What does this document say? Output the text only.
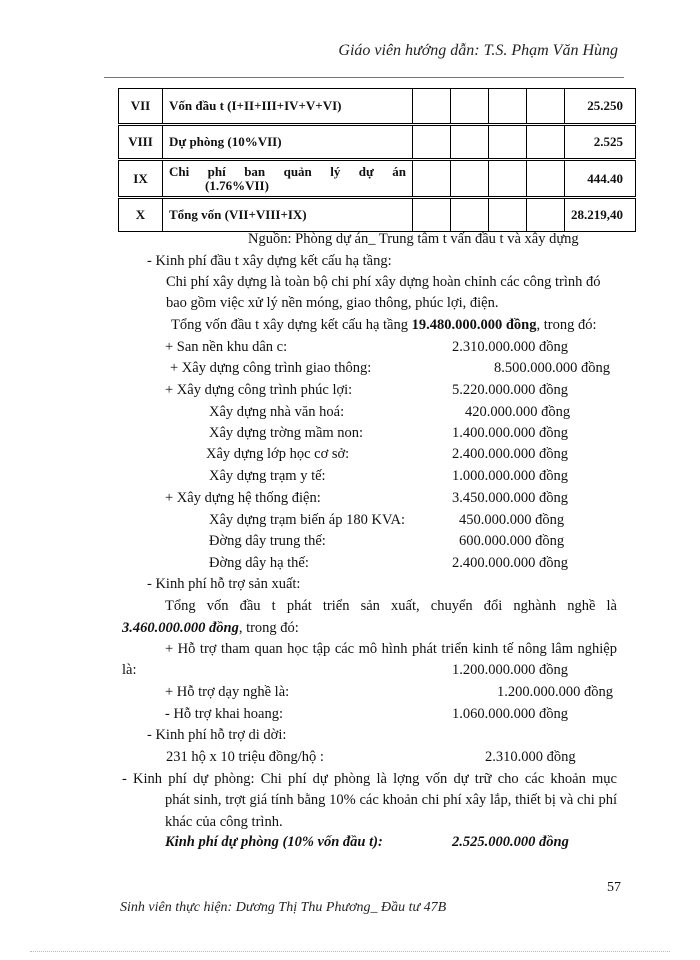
Giáo viên hướng dẫn: T.S. Phạm Văn Hùng
VII	Vốn đầu t (I+II+III+IV+V+VI)					25.250
VIII	Dự phòng (10%VII)					2.525
IX	Chi phí ban quản lý dự án
(1.76%VII)					444.40
X	Tổng vốn (VII+VIII+IX)					28.219,40
Nguồn: Phòng dự án_ Trung tâm t vấn đầu t và xây dựng
- Kinh phí đầu t xây dựng kết cấu hạ tầng:
Chi phí xây dựng là toàn bộ chi phí xây dựng hoàn chỉnh các công trình đó
bao gồm việc xử lý nền móng, giao thông, phúc lợi, điện.
Tổng vốn đầu t xây dựng kết cấu hạ tầng 19.480.000.000 đồng, trong đó:
+ San nền khu dân c:	2.310.000.000 đồng
+ Xây dựng công trình giao thông:	8.500.000.000 đồng
+ Xây dựng công trình phúc lợi:	5.220.000.000 đồng
Xây dựng nhà văn hoá:	420.000.000 đồng
Xây dựng trờng mầm non:	1.400.000.000 đồng
Xây dựng lớp học cơ sở:	2.400.000.000 đồng
Xây dựng trạm y tế:	1.000.000.000 đồng
+ Xây dựng hệ thống điện:	3.450.000.000 đồng
Xây dựng trạm biến áp 180 KVA:	450.000.000 đồng
Đờng dây trung thế:	600.000.000 đồng
Đờng dây hạ thế:	2.400.000.000 đồng
- Kinh phí hỗ trợ sản xuất:
Tổng vốn đầu t phát triển sản xuất, chuyển đổi nghành nghề là
3.460.000.000 đồng, trong đó:
+ Hỗ trợ tham quan học tập các mô hình phát triển kinh tế nông lâm nghiệp
là:	1.200.000.000 đồng
+ Hỗ trợ dạy nghề là:	1.200.000.000 đồng
- Hỗ trợ khai hoang:	1.060.000.000 đồng
- Kinh phí hỗ trợ di dời:
231 hộ x 10 triệu đồng/hộ :	2.310.000 đồng
- Kinh phí dự phòng: Chi phí dự phòng là lợng vốn dự trữ cho các khoản mục
phát sinh, trợt giá tính bằng 10% các khoản chi phí xây lắp, thiết bị và chi phí
khác của công trình.
Kinh phí dự phòng (10% vốn đầu t):	2.525.000.000 đồng
57
Sinh viên thực hiện: Dương Thị Thu Phương_ Đầu tư 47B
